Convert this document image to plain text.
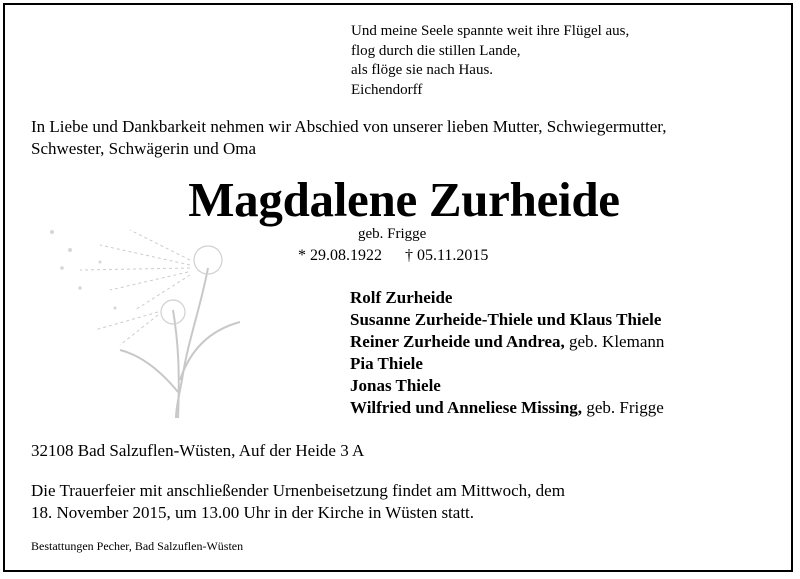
Und meine Seele spannte weit ihre Flügel aus,
flog durch die stillen Lande,
als flöge sie nach Haus.
Eichendorff
In Liebe und Dankbarkeit nehmen wir Abschied von unserer lieben Mutter, Schwiegermutter,
Schwester, Schwägerin und Oma
Magdalene Zurheide
geb. Frigge
* 29.08.1922 † 05.11.2015
Rolf Zurheide
Susanne Zurheide-Thiele und Klaus Thiele
Reiner Zurheide und Andrea, geb. Klemann
Pia Thiele
Jonas Thiele
Wilfried und Anneliese Missing, geb. Frigge
32108 Bad Salzuflen-Wüsten, Auf der Heide 3 A
Die Trauerfeier mit anschließender Urnenbeisetzung findet am Mittwoch, dem
18. November 2015, um 13.00 Uhr in der Kirche in Wüsten statt.
Bestattungen Pecher, Bad Salzuflen-Wüsten
